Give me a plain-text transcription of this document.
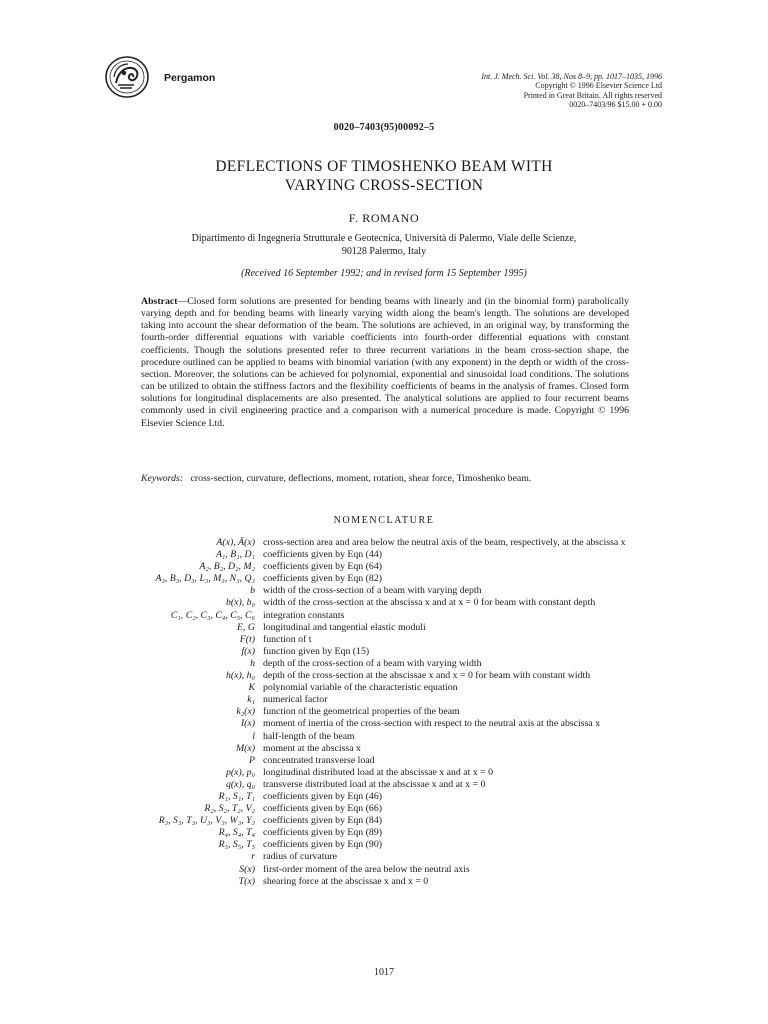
Pergamon	Int. J. Mech. Sci. Vol. 38, Nos 8–9, pp. 1017–1035, 1996
Copyright © 1996 Elsevier Science Ltd
Printed in Great Britain. All rights reserved
0020–7403/96 $15.00 + 0.00
0020–7403(95)00092–5
DEFLECTIONS OF TIMOSHENKO BEAM WITH
VARYING CROSS-SECTION
F. ROMANO
Dipartimento di Ingegneria Strutturale e Geotecnica, Università di Palermo, Viale delle Scienze,
90128 Palermo, Italy
(Received 16 September 1992; and in revised form 15 September 1995)
Abstract—Closed form solutions are presented for bending beams with linearly and (in the binomial form) parabolically varying depth and for bending beams with linearly varying width along the beam's length. The solutions are developed taking into account the shear deformation of the beam. The solutions are achieved, in an original way, by transforming the fourth-order differential equations with variable coefficients into fourth-order differential equations with constant coefficients. Though the solutions presented refer to three recurrent variations in the beam cross-section shape, the procedure outlined can be applied to beams with binomial variation (with any exponent) in the depth or width of the cross-section. Moreover, the solutions can be achieved for polynomial, exponential and sinusoidal load conditions. The solutions can be utilized to obtain the stiffness factors and the flexibility coefficients of beams in the analysis of frames. Closed form solutions for longitudinal displacements are also presented. The analytical solutions are applied to four recurrent beams commonly used in civil engineering practice and a comparison with a numerical procedure is made. Copyright © 1996 Elsevier Science Ltd.
Keywords: cross-section, curvature, deflections, moment, rotation, shear force, Timoshenko beam.
NOMENCLATURE
A(x), Ā(x) cross-section area and area below the neutral axis of the beam, respectively, at the abscissa x
A₁, B₁, D₁ coefficients given by Eqn (44)
A₂, B₂, D₂, M₂ coefficients given by Eqn (64)
A₃, B₃, D₃, L₃, M₃, N₃, Q₃ coefficients given by Eqn (82)
b width of the cross-section of a beam with varying depth
b(x), b₀ width of the cross-section at the abscissa x and at x = 0 for beam with constant depth
C₁, C₂, C₃, C₄, C₅, C₆ integration constants
E, G longitudinal and tangential elastic moduli
F(t) function of t
f(x) function given by Eqn (15)
h depth of the cross-section of a beam with varying width
h(x), h₀ depth of the cross-section at the abscissae x and x = 0 for beam with constant width
K polynomial variable of the characteristic equation
k₁ numerical factor
k₂(x) function of the geometrical properties of the beam
I(x) moment of inertia of the cross-section with respect to the neutral axis at the abscissa x
l half-length of the beam
M(x) moment at the abscissa x
P concentrated transverse load
p(x), p₀ longitudinal distributed load at the abscissae x and at x = 0
q(x), q₀ transverse distributed load at the abscissae x and at x = 0
R₁, S₁, T₁ coefficients given by Eqn (46)
R₂, S₂, T₂, V₂ coefficients given by Eqn (66)
R₃, S₃, T₃, U₃, V₃, W₃, Y₃ coefficients given by Eqn (84)
R₄, S₄, T₄ coefficients given by Eqn (89)
R₅, S₅, T₅ coefficients given by Eqn (90)
r radius of curvature
S(x) first-order moment of the area below the neutral axis
T(x) shearing force at the abscissae x and x = 0
1017
